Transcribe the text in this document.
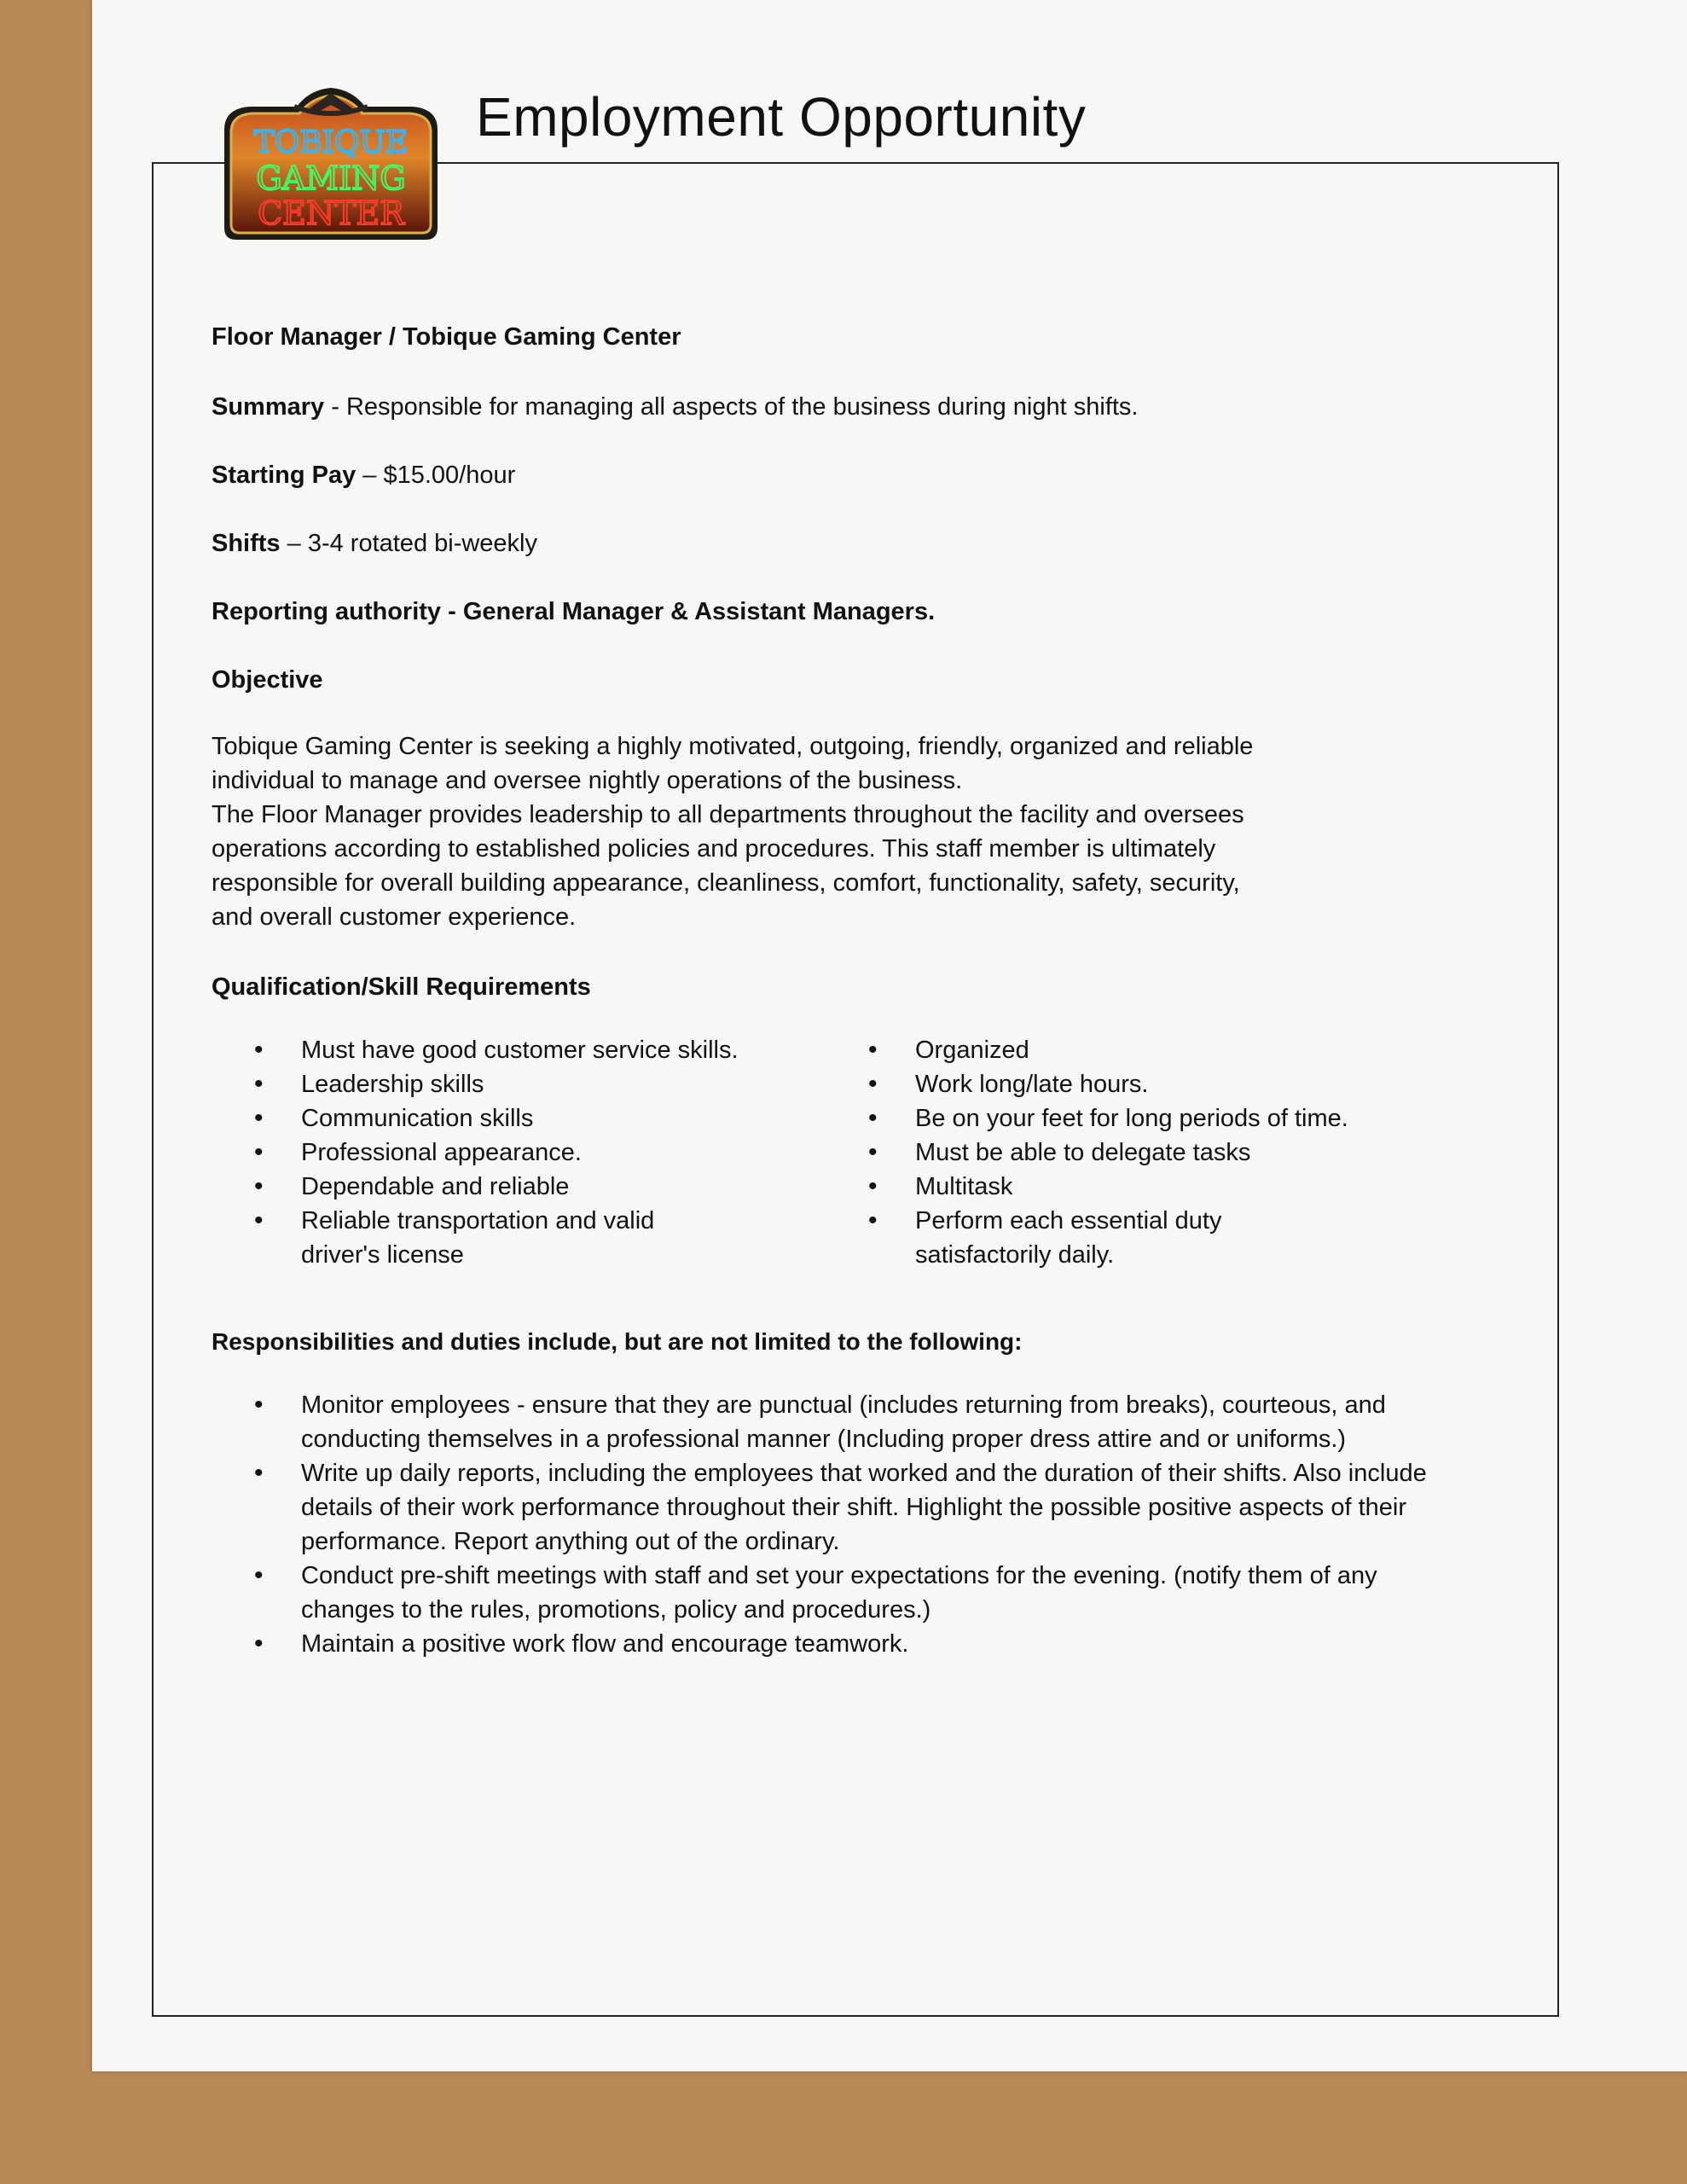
TOBIQUE
GAMING
CENTER
Employment Opportunity

Floor Manager / Tobique Gaming Center

Summary - Responsible for managing all aspects of the business during night shifts.

Starting Pay – $15.00/hour

Shifts – 3-4 rotated bi-weekly

Reporting authority - General Manager & Assistant Managers.

Objective

Tobique Gaming Center is seeking a highly motivated, outgoing, friendly, organized and reliable

individual to manage and oversee nightly operations of the business.

The Floor Manager provides leadership to all departments throughout the facility and oversees

operations according to established policies and procedures. This staff member is ultimately

responsible for overall building appearance, cleanliness, comfort, functionality, safety, security,

and overall customer experience.

Qualification/Skill Requirements

• Must have good customer service skills.
• Leadership skills
• Communication skills
• Professional appearance.
• Dependable and reliable
• Reliable transportation and valid driver's license
• Organized
• Work long/late hours.
• Be on your feet for long periods of time.
• Must be able to delegate tasks
• Multitask
• Perform each essential duty satisfactorily daily.

Responsibilities and duties include, but are not limited to the following:

• Monitor employees - ensure that they are punctual (includes returning from breaks), courteous, and conducting themselves in a professional manner (Including proper dress attire and or uniforms.)
• Write up daily reports, including the employees that worked and the duration of their shifts. Also include details of their work performance throughout their shift. Highlight the possible positive aspects of their performance. Report anything out of the ordinary.
• Conduct pre-shift meetings with staff and set your expectations for the evening. (notify them of any changes to the rules, promotions, policy and procedures.)
• Maintain a positive work flow and encourage teamwork.
